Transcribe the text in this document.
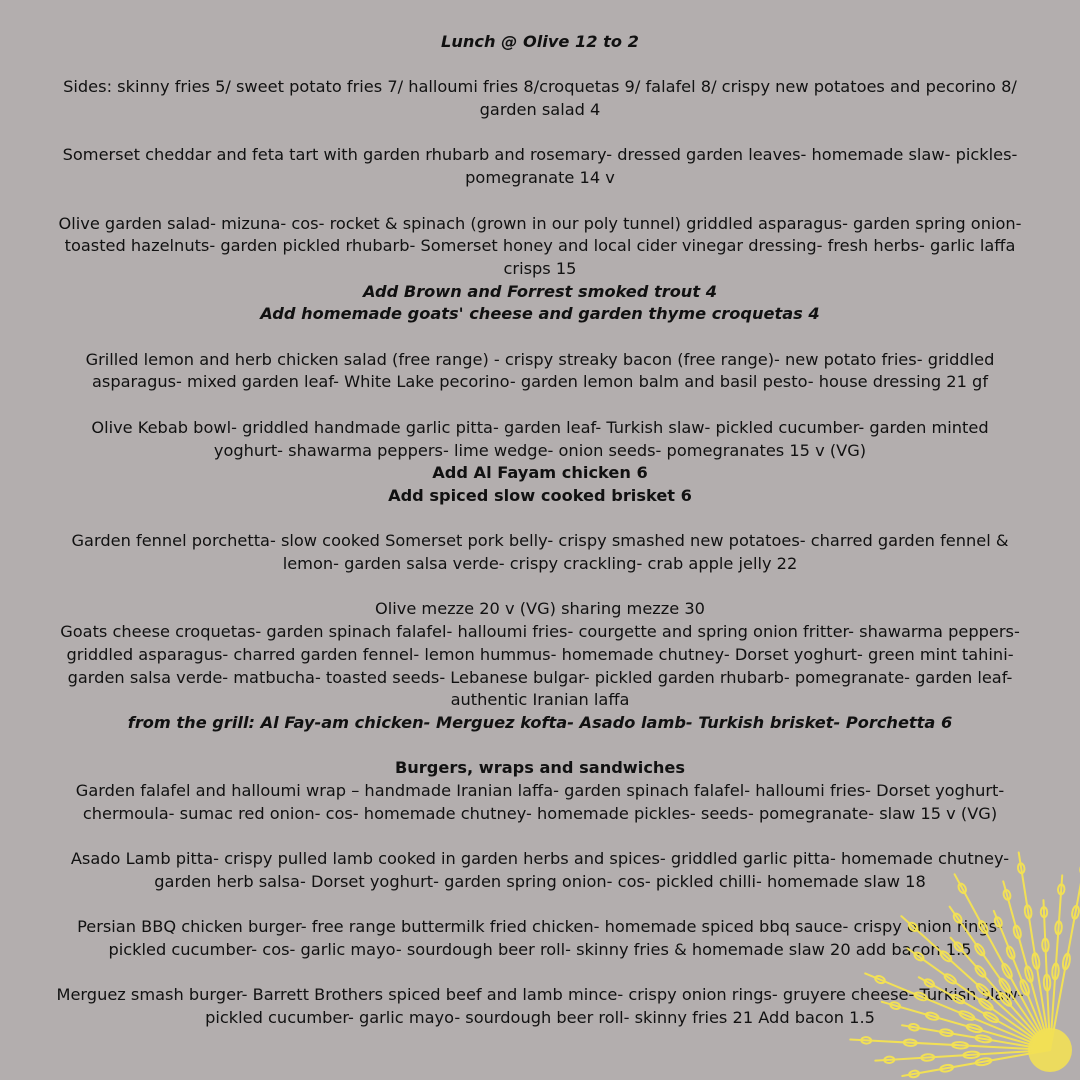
Lunch @ Olive 12 to 2

Sides: skinny fries 5/ sweet potato fries 7/ halloumi fries 8/croquetas 9/ falafel 8/ crispy new potatoes and pecorino 8/ garden salad 4

Somerset cheddar and feta tart with garden rhubarb and rosemary- dressed garden leaves- homemade slaw- pickles- pomegranate 14 v

Olive garden salad- mizuna- cos- rocket & spinach (grown in our poly tunnel) griddled asparagus- garden spring onion- toasted hazelnuts- garden pickled rhubarb- Somerset honey and local cider vinegar dressing- fresh herbs- garlic laffa crisps 15

Add Brown and Forrest smoked trout 4

Add homemade goats' cheese and garden thyme croquetas 4

Grilled lemon and herb chicken salad (free range) - crispy streaky bacon (free range)- new potato fries- griddled asparagus- mixed garden leaf- White Lake pecorino- garden lemon balm and basil pesto- house dressing 21 gf

Olive Kebab bowl- griddled handmade garlic pitta- garden leaf- Turkish slaw- pickled cucumber- garden minted yoghurt- shawarma peppers- lime wedge- onion seeds- pomegranates 15 v (VG)

Add Al Fayam chicken 6

Add spiced slow cooked brisket 6

Garden fennel porchetta- slow cooked Somerset pork belly- crispy smashed new potatoes- charred garden fennel & lemon- garden salsa verde- crispy crackling- crab apple jelly 22

Olive mezze 20 v (VG) sharing mezze 30

Goats cheese croquetas- garden spinach falafel- halloumi fries- courgette and spring onion fritter- shawarma peppers- griddled asparagus- charred garden fennel- lemon hummus- homemade chutney- Dorset yoghurt- green mint tahini- garden salsa verde- matbucha- toasted seeds- Lebanese bulgar- pickled garden rhubarb- pomegranate- garden leaf- authentic Iranian laffa

from the grill: Al Fay-am chicken- Merguez kofta- Asado lamb- Turkish brisket- Porchetta 6

Burgers, wraps and sandwiches

Garden falafel and halloumi wrap – handmade Iranian laffa- garden spinach falafel- halloumi fries- Dorset yoghurt- chermoula- sumac red onion- cos- homemade chutney- homemade pickles- seeds- pomegranate- slaw 15 v (VG)

Asado Lamb pitta- crispy pulled lamb cooked in garden herbs and spices- griddled garlic pitta- homemade chutney- garden herb salsa- Dorset yoghurt- garden spring onion- cos- pickled chilli- homemade slaw 18

Persian BBQ chicken burger- free range buttermilk fried chicken- homemade spiced bbq sauce- crispy onion rings- pickled cucumber- cos- garlic mayo- sourdough beer roll- skinny fries & homemade slaw 20 add bacon 1.5

Merguez smash burger- Barrett Brothers spiced beef and lamb mince- crispy onion rings- gruyere cheese- Turkish slaw- pickled cucumber- garlic mayo- sourdough beer roll- skinny fries 21 Add bacon 1.5
